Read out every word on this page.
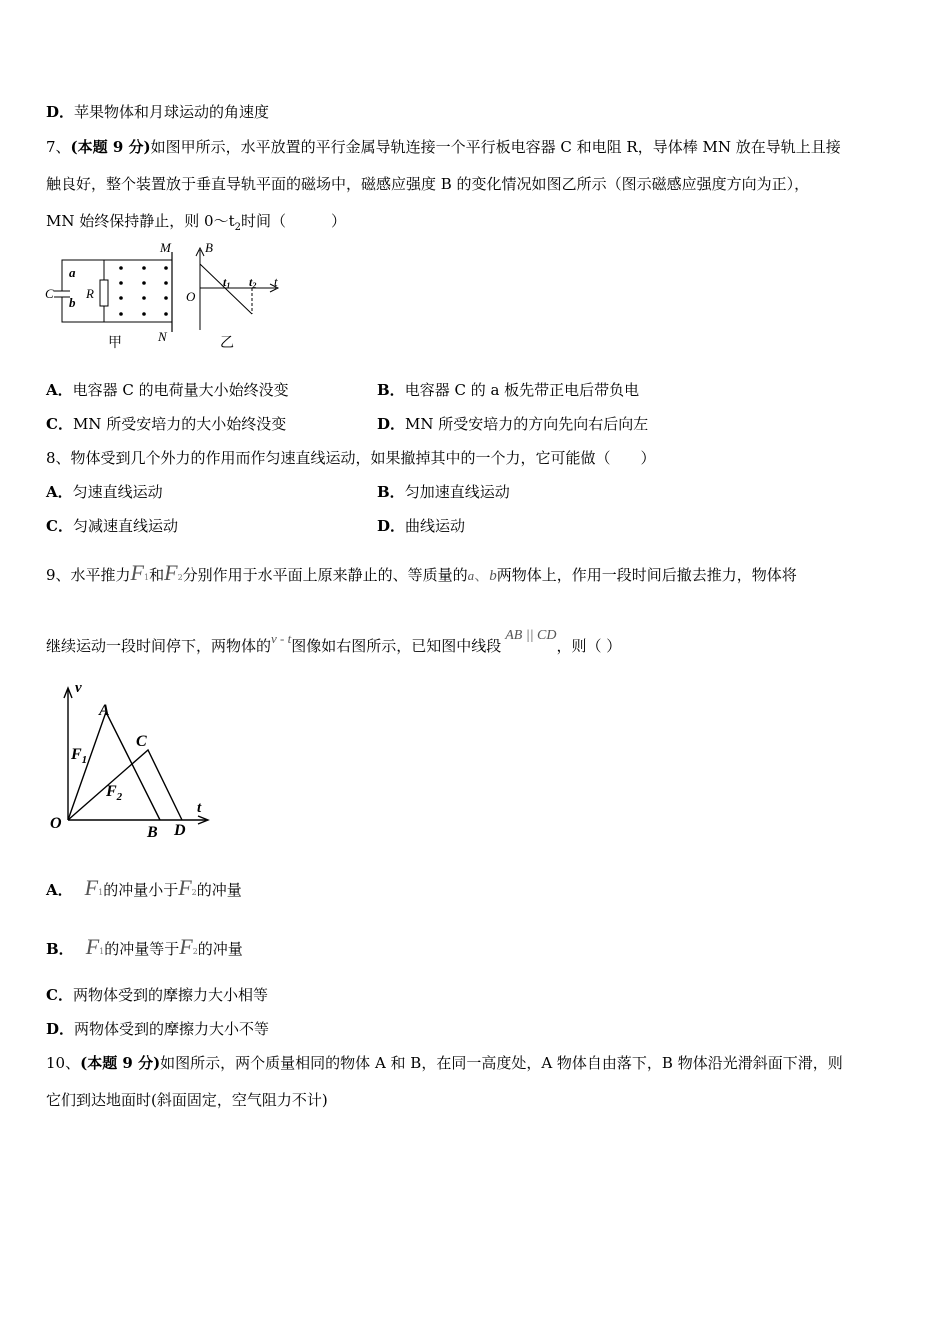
D．苹果物体和月球运动的角速度
7、(本题 9 分)如图甲所示，水平放置的平行金属导轨连接一个平行板电容器 C 和电阻 R，导体棒 MN 放在导轨上且接
触良好，整个装置放于垂直导轨平面的磁场中，磁感应强度 B 的变化情况如图乙所示（图示磁感应强度方向为正），
MN 始终保持静止，则 $0\sim t_2$时间（　　　）
a
b
C R
M
N
甲
B
O
t1 t2 t
乙
A．电容器 C 的电荷量大小始终没变	B．电容器 C 的 a 板先带正电后带负电
C．MN 所受安培力的大小始终没变	D．MN 所受安培力的方向先向右后向左
8、物体受到几个外力的作用而作匀速直线运动，如果撤掉其中的一个力，它可能做（　　）
A．匀速直线运动	B．匀加速直线运动
C．匀减速直线运动	D．曲线运动
9、水平推力F1和F2分别作用于水平面上原来静止的、等质量的a、b两物体上，作用一段时间后撤去推力，物体将
继续运动一段时间停下，两物体的v - t图像如右图所示，已知图中线段AB || CD，则（ ）
v
t
O
A
C
B D
$F_1$
$F_2$
A． F1的冲量小于F2的冲量
B． F1的冲量等于F2的冲量
C．两物体受到的摩擦力大小相等
D．两物体受到的摩擦力大小不等
10、(本题 9 分)如图所示，两个质量相同的物体 A 和 B，在同一高度处，A 物体自由落下，B 物体沿光滑斜面下滑，则
它们到达地面时(斜面固定，空气阻力不计)
